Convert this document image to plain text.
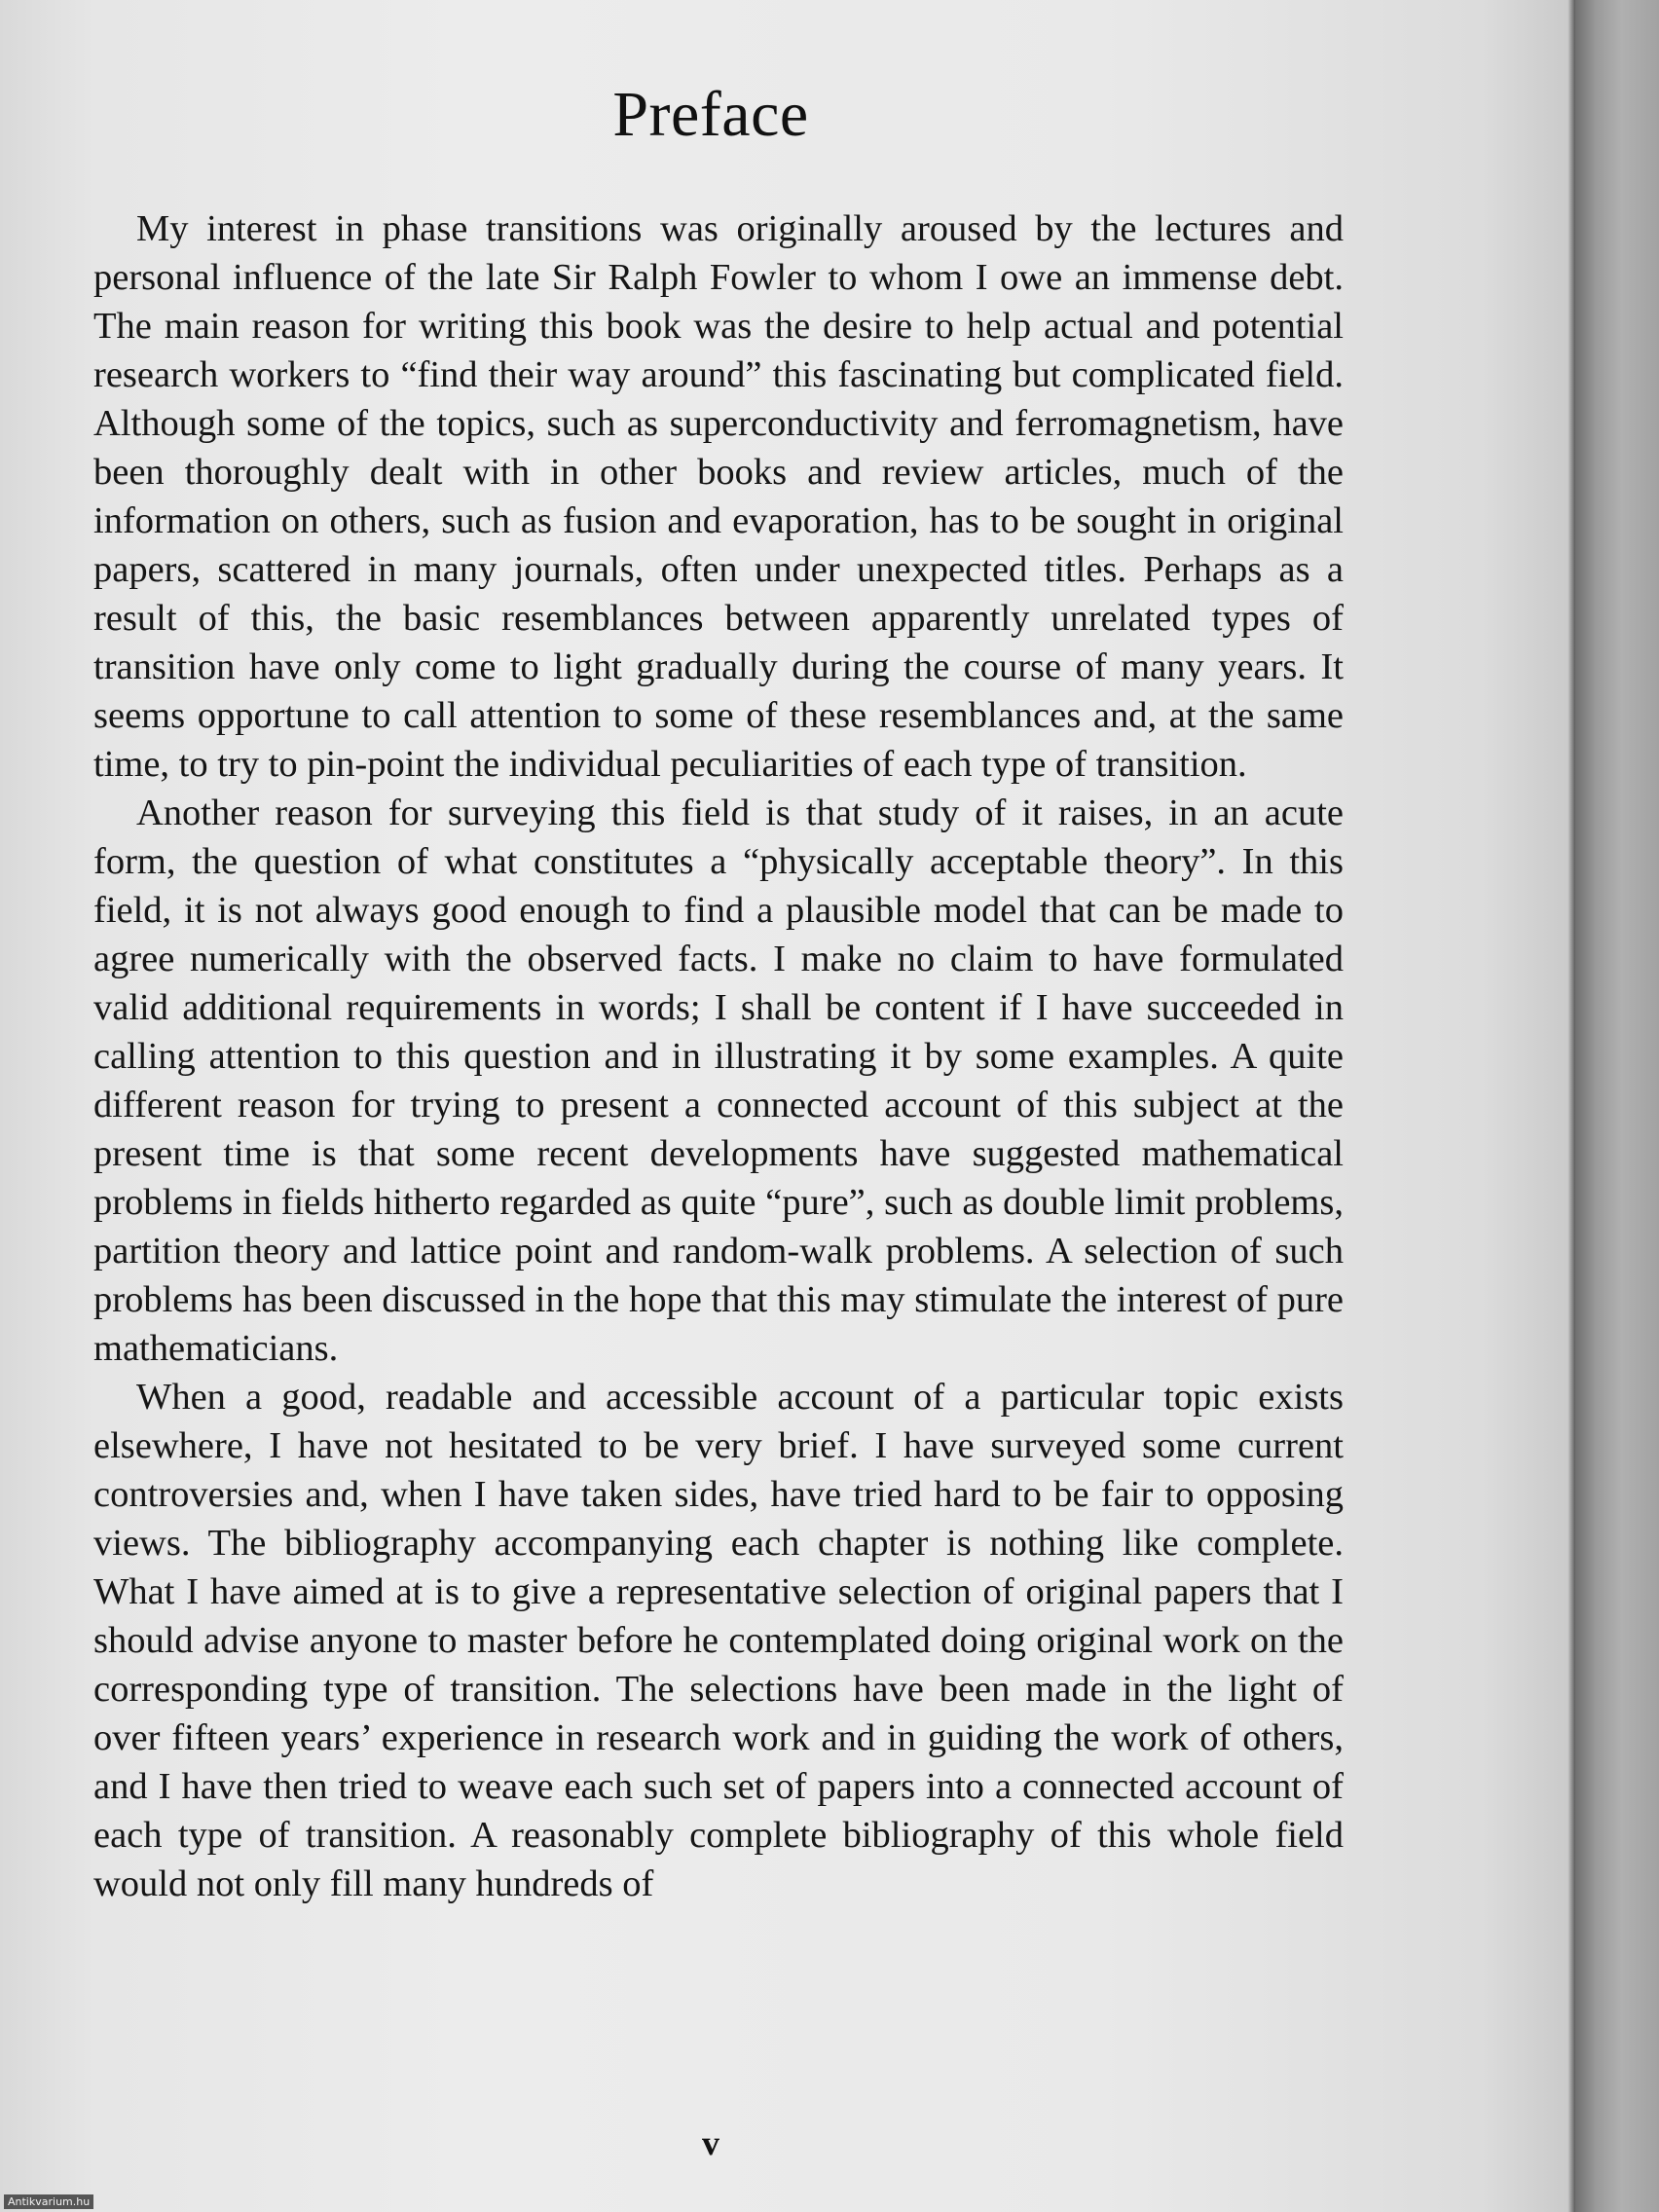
Preface

My interest in phase transitions was originally aroused by the lectures and personal influence of the late Sir Ralph Fowler to whom I owe an immense debt. The main reason for writing this book was the desire to help actual and potential research workers to “find their way around” this fascinating but complicated field. Although some of the topics, such as superconductivity and ferromagnetism, have been thoroughly dealt with in other books and review articles, much of the information on others, such as fusion and evaporation, has to be sought in original papers, scattered in many journals, often under unexpected titles. Perhaps as a result of this, the basic resemblances between apparently unrelated types of transition have only come to light gradually during the course of many years. It seems opportune to call attention to some of these resemblances and, at the same time, to try to pin-point the individual peculiarities of each type of transition.

Another reason for surveying this field is that study of it raises, in an acute form, the question of what constitutes a “physically acceptable theory”. In this field, it is not always good enough to find a plausible model that can be made to agree numerically with the observed facts. I make no claim to have formulated valid additional requirements in words; I shall be content if I have succeeded in calling attention to this question and in illustrating it by some examples. A quite different reason for trying to present a connected account of this subject at the present time is that some recent developments have suggested mathematical problems in fields hitherto regarded as quite “pure”, such as double limit problems, partition theory and lattice point and random-walk problems. A selection of such problems has been discussed in the hope that this may stimulate the interest of pure mathematicians.

When a good, readable and accessible account of a particular topic exists elsewhere, I have not hesitated to be very brief. I have surveyed some current controversies and, when I have taken sides, have tried hard to be fair to opposing views. The bibliography accompanying each chapter is nothing like complete. What I have aimed at is to give a representative selection of original papers that I should advise anyone to master before he contemplated doing original work on the corresponding type of transition. The selections have been made in the light of over fifteen years’ experience in research work and in guiding the work of others, and I have then tried to weave each such set of papers into a connected account of each type of transition. A reasonably complete bibliography of this whole field would not only fill many hundreds of

v
Antikvarium.hu
